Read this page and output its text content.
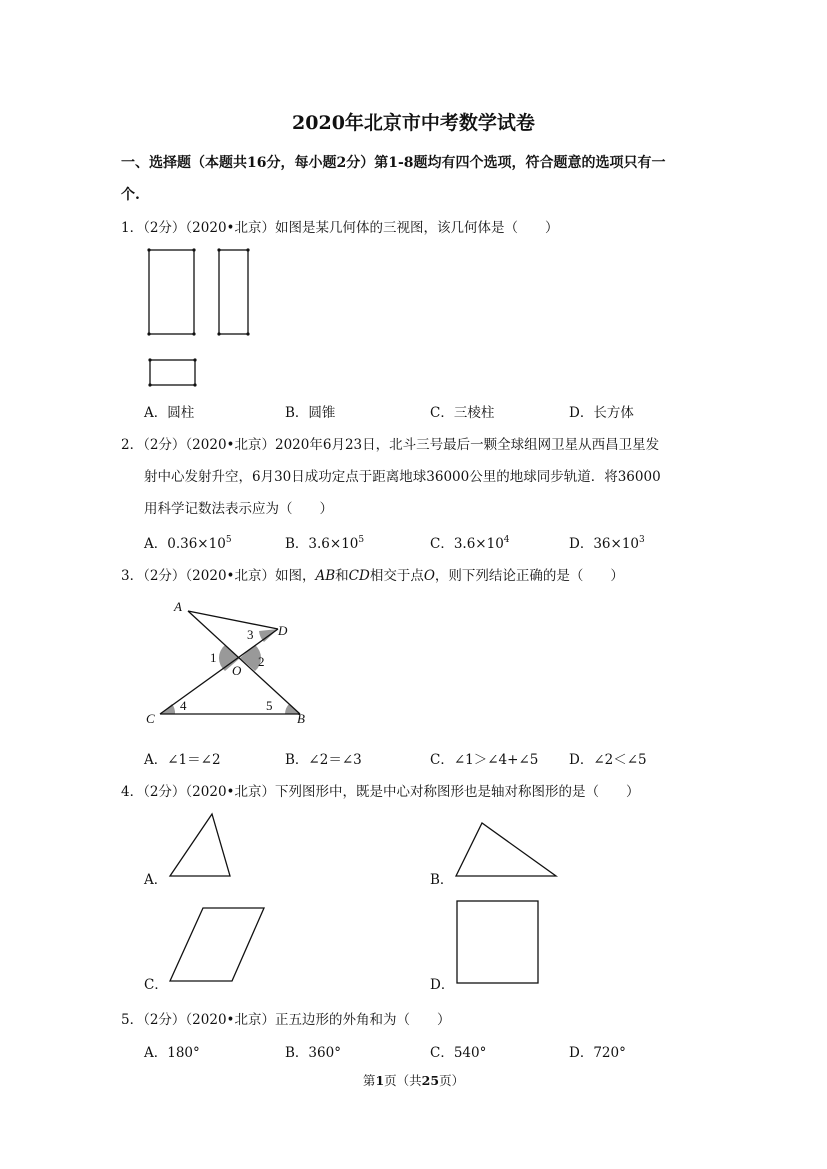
2020年北京市中考数学试卷
一、选择题（本题共16分，每小题2分）第1-8题均有四个选项，符合题意的选项只有一
个.
1．（2分）（2020•北京）如图是某几何体的三视图，该几何体是（　　）
A．圆柱	B．圆锥	C．三棱柱	D．长方体
2．（2分）（2020•北京）2020年6月23日，北斗三号最后一颗全球组网卫星从西昌卫星发
射中心发射升空，6月30日成功定点于距离地球36000公里的地球同步轨道．将36000
用科学记数法表示应为（　　）
A．$0.36\times 10^5$	B．$3.6\times 10^5$	C．$3.6\times 10^4$	D．$36\times 10^3$
3．（2分）（2020•北京）如图，AB和CD相交于点O，则下列结论正确的是（　　）
A
D
O
C	B
1	2
3
4	5
A．∠1＝∠2	B．∠2＝∠3	C．∠1＞∠4+∠5 D．∠2＜∠5
4．（2分）（2020•北京）下列图形中，既是中心对称图形也是轴对称图形的是（　　）
A．	B．
C．	D．
5．（2分）（2020•北京）正五边形的外角和为（　　）
A．180°	B．360°	C．540°	D．720°
第1页（共25页）
